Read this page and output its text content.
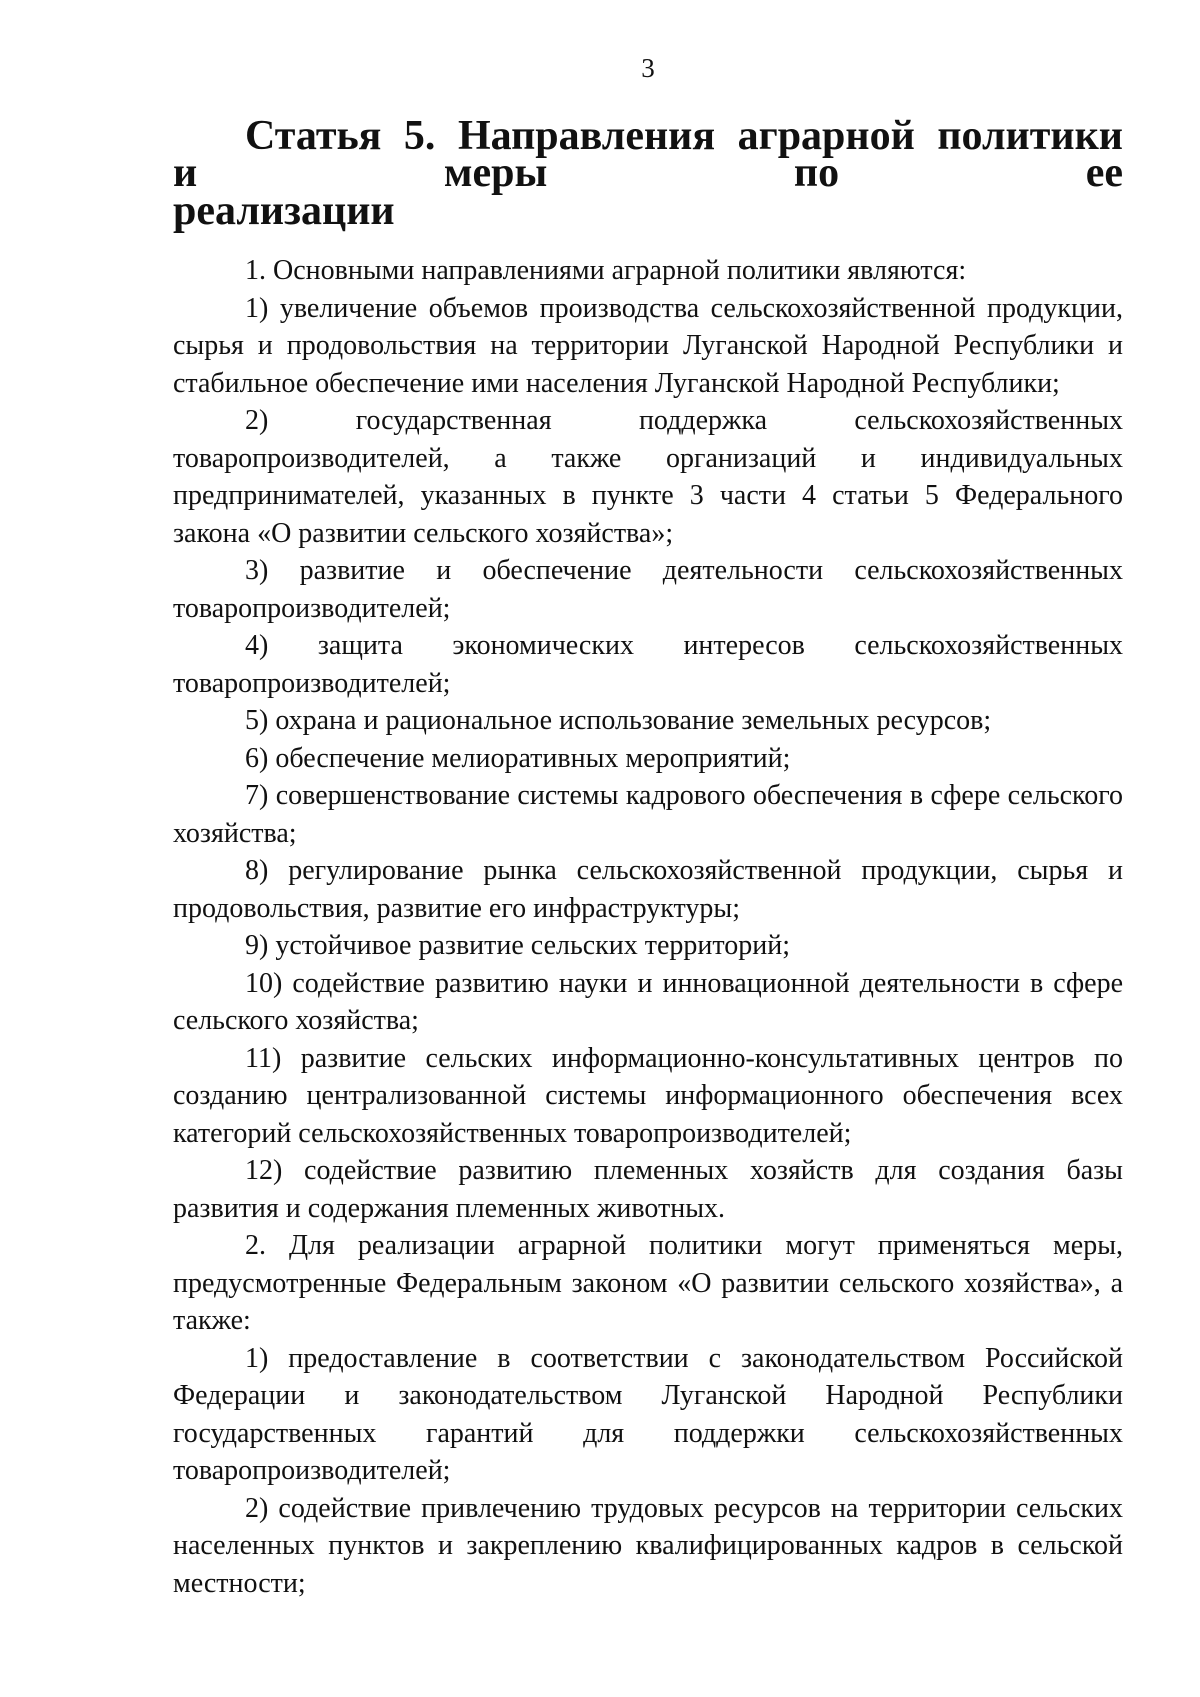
3
Статья 5. Направления аграрной политики и меры по ее
реализации

1. Основными направлениями аграрной политики являются:

1) увеличение объемов производства сельскохозяйственной продукции, сырья и продовольствия на территории Луганской Народной Республики и стабильное обеспечение ими населения Луганской Народной Республики;

2) государственная поддержка сельскохозяйственных товаропроизводителей, а также организаций и индивидуальных предпринимателей, указанных в пункте 3 части 4 статьи 5 Федерального закона «О развитии сельского хозяйства»;

3) развитие и обеспечение деятельности сельскохозяйственных товаропроизводителей;

4) защита экономических интересов сельскохозяйственных товаропроизводителей;

5) охрана и рациональное использование земельных ресурсов;

6) обеспечение мелиоративных мероприятий;

7) совершенствование системы кадрового обеспечения в сфере сельского хозяйства;

8) регулирование рынка сельскохозяйственной продукции, сырья и продовольствия, развитие его инфраструктуры;

9) устойчивое развитие сельских территорий;

10) содействие развитию науки и инновационной деятельности в сфере сельского хозяйства;

11) развитие сельских информационно-консультативных центров по созданию централизованной системы информационного обеспечения всех категорий сельскохозяйственных товаропроизводителей;

12) содействие развитию племенных хозяйств для создания базы развития и содержания племенных животных.

2. Для реализации аграрной политики могут применяться меры, предусмотренные Федеральным законом «О развитии сельского хозяйства», а также:

1) предоставление в соответствии с законодательством Российской Федерации и законодательством Луганской Народной Республики государственных гарантий для поддержки сельскохозяйственных товаропроизводителей;

2) содействие привлечению трудовых ресурсов на территории сельских населенных пунктов и закреплению квалифицированных кадров в сельской местности;
